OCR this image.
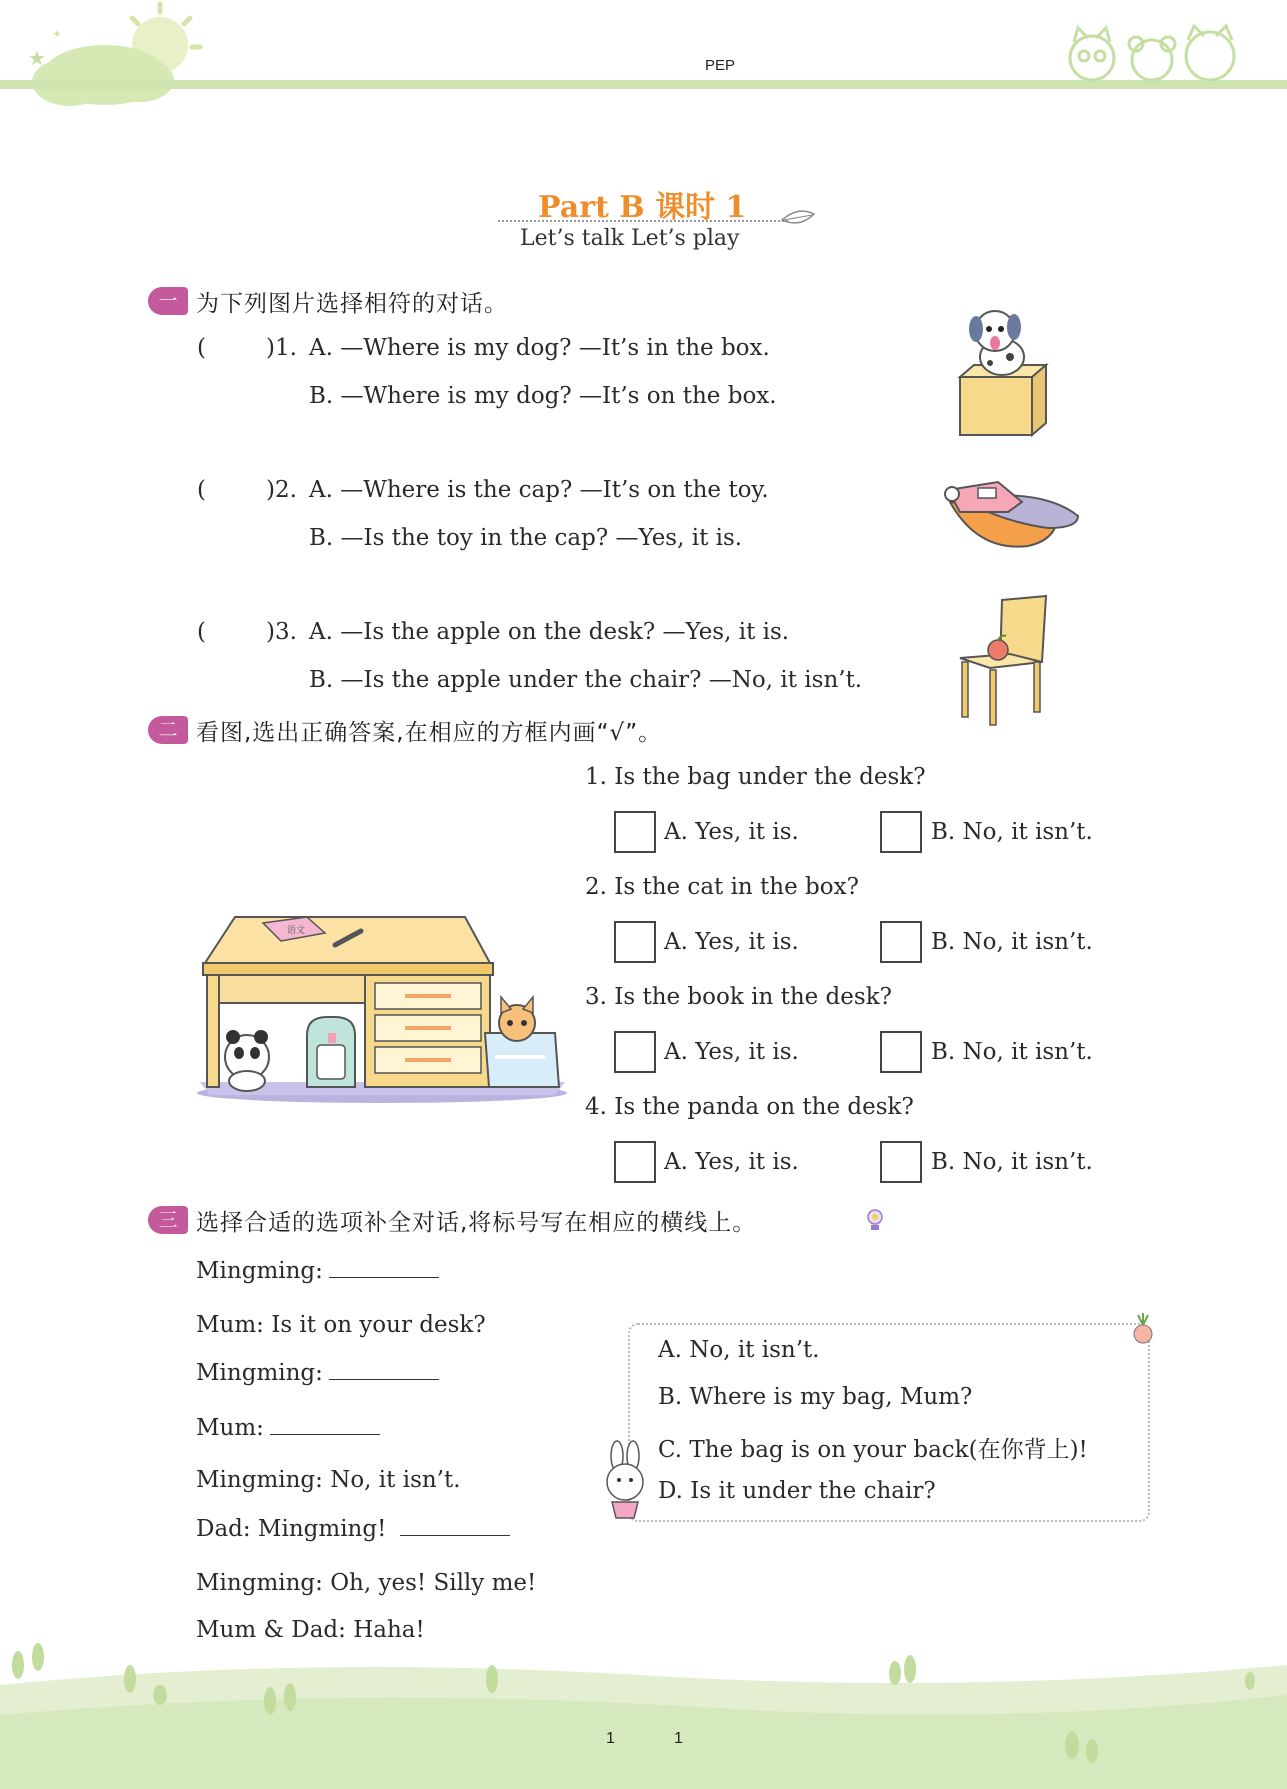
★
✦
PEP
Part B 课时 1
Let’s talk Let’s play
一 为下列图片选择相符的对话。
(	)1. A. —Where is my dog? —It’s in the box.
B. —Where is my dog? —It’s on the box.
(	)2. A. —Where is the cap? —It’s on the toy.
B. —Is the toy in the cap? —Yes, it is.
(	)3. A. —Is the apple on the desk? —Yes, it is.
B. —Is the apple under the chair? —No, it isn’t.
二 看图,选出正确答案,在相应的方框内画“√”。
语文
1. Is the bag under the desk?
A. Yes, it is.	B. No, it isn’t.
2. Is the cat in the box?
A. Yes, it is.	B. No, it isn’t.
3. Is the book in the desk?
A. Yes, it is.	B. No, it isn’t.
4. Is the panda on the desk?
A. Yes, it is.	B. No, it isn’t.
三 选择合适的选项补全对话,将标号写在相应的横线上。
Mingming:
Mum: Is it on your desk?
Mingming:
Mum:
Mingming: No, it isn’t.
Dad: Mingming!
Mingming: Oh, yes! Silly me!
Mum & Dad: Haha!
A. No, it isn’t.
B. Where is my bag, Mum?
C. The bag is on your back(在你背上)!
D. Is it under the chair?
1	1
